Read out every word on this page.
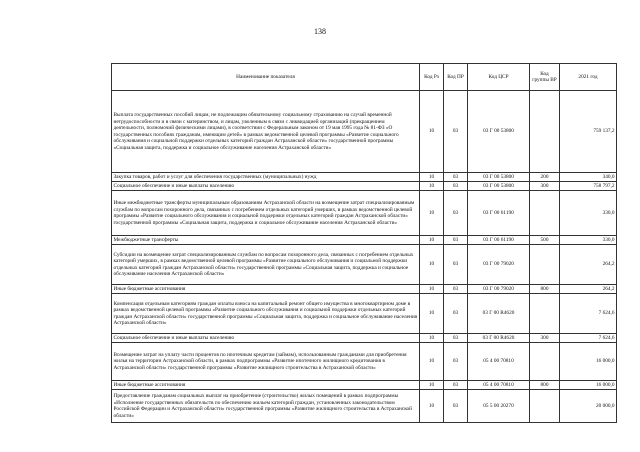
138
Наименование показателя	Код Рз	Код ПР	Код ЦСР	Код группы ВР	2021 год
Выплата государственных пособий лицам, не подлежащим обязательному социальному страхованию на случай временной нетрудоспособности и в связи с материнством, и лицам, уволенным в связи с ликвидацией организаций (прекращением деятельности, полномочий физическими лицами), в соответствии с Федеральным законом от 19 мая 1995 года № 81-ФЗ «О государственных пособиях гражданам, имеющим детей» в рамках ведомственной целевой программы «Развитие социального обслуживания и социальной поддержки отдельных категорий граждан Астраханской области» государственной программы «Социальная защита, поддержка и социальное обслуживание населения Астраханской области»	10	03	03 Г 00 53800		759 137,2
Закупка товаров, работ и услуг для обеспечения государственных (муниципальных) нужд	10	03	03 Г 00 53800	200	340,0
Социальное обеспечение и иные выплаты населению	10	03	03 Г 00 53800	300	758 797,2
Иные межбюджетные трансферты муниципальным образованиям Астраханской области на возмещение затрат специализированным службам по вопросам похоронного дела, связанных с погребением отдельных категорий умерших, в рамках ведомственной целевой программы «Развитие социального обслуживания и социальной поддержки отдельных категорий граждан Астраханской области» государственной программы «Социальная защита, поддержка и социальное обслуживание населения Астраханской области»	10	03	03 Г 00 61190		330,0
Межбюджетные трансферты	10	03	03 Г 00 61190	500	330,0
Субсидии на возмещение затрат специализированным службам по вопросам похоронного дела, связанных с погребением отдельных категорий умерших, в рамках ведомственной целевой программы «Развитие социального обслуживания и социальной поддержки отдельных категорий граждан Астраханской области» государственной программы «Социальная защита, поддержка и социальное обслуживание населения Астраханской области»	10	03	03 Г 00 79020		264,2
Иные бюджетные ассигнования	10	03	03 Г 00 79020	800	264,2
Компенсация отдельным категориям граждан оплаты взноса на капитальный ремонт общего имущества в многоквартирном доме в рамках ведомственной целевой программы «Развитие социального обслуживания и социальной поддержки отдельных категорий граждан Астраханской области» государственной программы «Социальная защита, поддержка и социальное обслуживание населения Астраханской области»	10	03	03 Г 00 R4620		7 624,6
Социальное обеспечение и иные выплаты населению	10	03	03 Г 00 R4620	300	7 624,6
Возмещение затрат на уплату части процентов по ипотечным кредитам (займам), использованным гражданами для приобретения жилья на территории Астраханской области, в рамках подпрограммы «Развитие ипотечного жилищного кредитования в Астраханской области» государственной программы «Развитие жилищного строительства в Астраханской области»	10	03	05 4 00 70810		16 000,0
Иные бюджетные ассигнования	10	03	05 4 00 70810	800	16 000,0
Предоставление гражданам социальных выплат на приобретение (строительство) жилых помещений в рамках подпрограммы «Исполнение государственных обязательств по обеспечению жильем категорий граждан, установленных законодательством Российской Федерации и Астраханской области» государственной программы «Развитие жилищного строительства в Астраханской области»	10	03	05 5 00 20270		20 000,0
